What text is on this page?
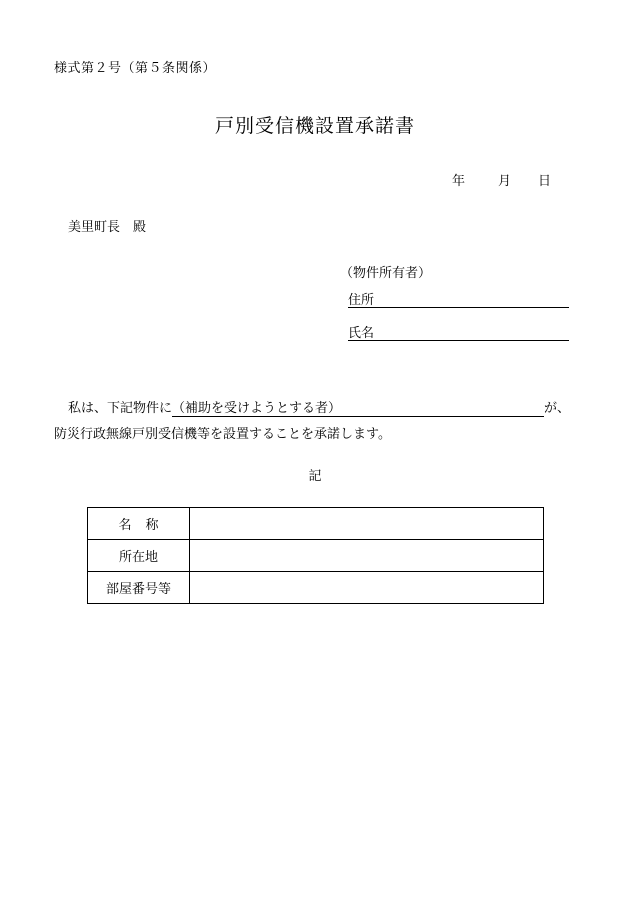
様式第２号（第５条関係）
戸別受信機設置承諾書
年	月 日
美里町長　殿
（物件所有者）
住所
氏名
私は、下記物件に（補助を受けようとする者）	が、
防災行政無線戸別受信機等を設置することを承諾します。
記
名称	
所在地	
部屋番号等	
